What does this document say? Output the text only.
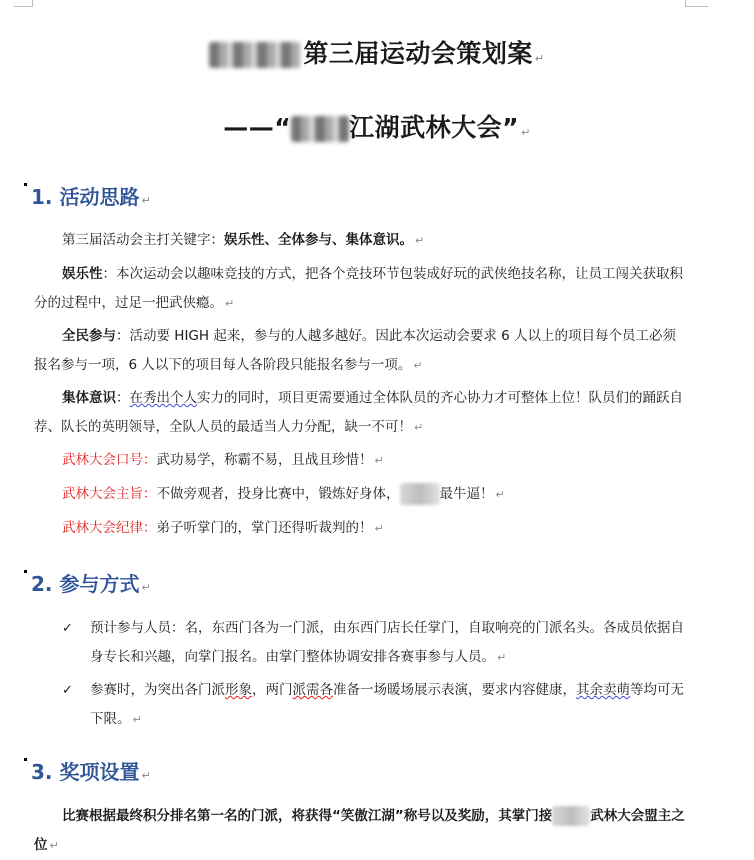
第三届运动会策划案 ↵
——“ 江湖武林大会” ↵
1. 活动思路 ↵

第三届活动会主打关键字：娱乐性、全体参与、集体意识。 ↵

娱乐性：本次运动会以趣味竞技的方式，把各个竞技环节包装成好玩的武侠绝技名称，让员工闯关获取积分的过程中，过足一把武侠瘾。 ↵

全民参与：活动要 HIGH 起来，参与的人越多越好。因此本次运动会要求 6 人以上的项目每个员工必须报名参与一项，6 人以下的项目每人各阶段只能报名参与一项。 ↵

集体意识：在秀出个人实力的同时，项目更需要通过全体队员的齐心协力才可整体上位！队员们的踊跃自荐、队长的英明领导，全队人员的最适当人力分配，缺一不可！ ↵

武林大会口号：武功易学，称霸不易，且战且珍惜！ ↵

武林大会主旨：不做旁观者，投身比赛中，锻炼好身体，	最牛逼！ ↵

武林大会纪律：弟子听掌门的，掌门还得听裁判的！ ↵

2. 参与方式 ↵

✓ 预计参与人员：名，东西门各为一门派，由东西门店长任掌门，自取响亮的门派名头。各成员依据自身专长和兴趣，向掌门报名。由掌门整体协调安排各赛事参与人员。 ↵

✓ 参赛时，为突出各门派形象，两门派需各准备一场暖场展示表演，要求内容健康，其余卖萌等均可无下限。 ↵

3. 奖项设置 ↵

比赛根据最终积分排名第一名的门派，将获得“笑傲江湖”称号以及奖励，其掌门接	武林大会盟主之位 ↵
